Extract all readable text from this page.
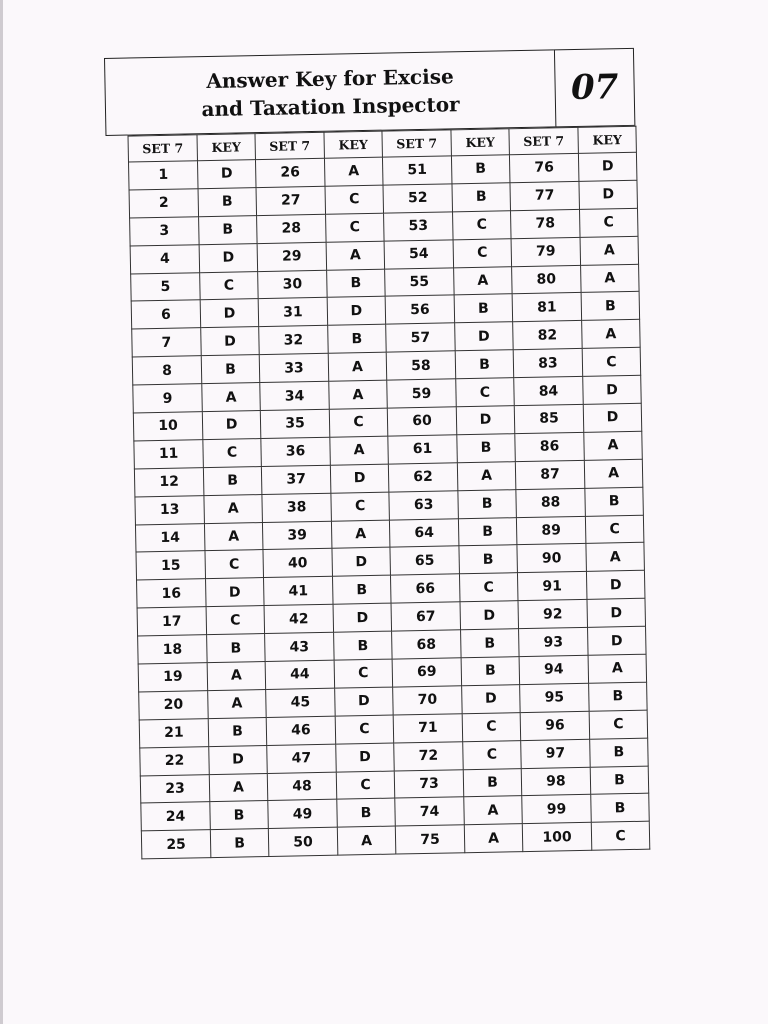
Answer Key for Excise
and Taxation Inspector	07
SET 7	KEY	SET 7	KEY	SET 7	KEY	SET 7	KEY
1	D	26	A	51	B	76	D
2	B	27	C	52	B	77	D
3	B	28	C	53	C	78	C
4	D	29	A	54	C	79	A
5	C	30	B	55	A	80	A
6	D	31	D	56	B	81	B
7	D	32	B	57	D	82	A
8	B	33	A	58	B	83	C
9	A	34	A	59	C	84	D
10	D	35	C	60	D	85	D
11	C	36	A	61	B	86	A
12	B	37	D	62	A	87	A
13	A	38	C	63	B	88	B
14	A	39	A	64	B	89	C
15	C	40	D	65	B	90	A
16	D	41	B	66	C	91	D
17	C	42	D	67	D	92	D
18	B	43	B	68	B	93	D
19	A	44	C	69	B	94	A
20	A	45	D	70	D	95	B
21	B	46	C	71	C	96	C
22	D	47	D	72	C	97	B
23	A	48	C	73	B	98	B
24	B	49	B	74	A	99	B
25	B	50	A	75	A	100	C
